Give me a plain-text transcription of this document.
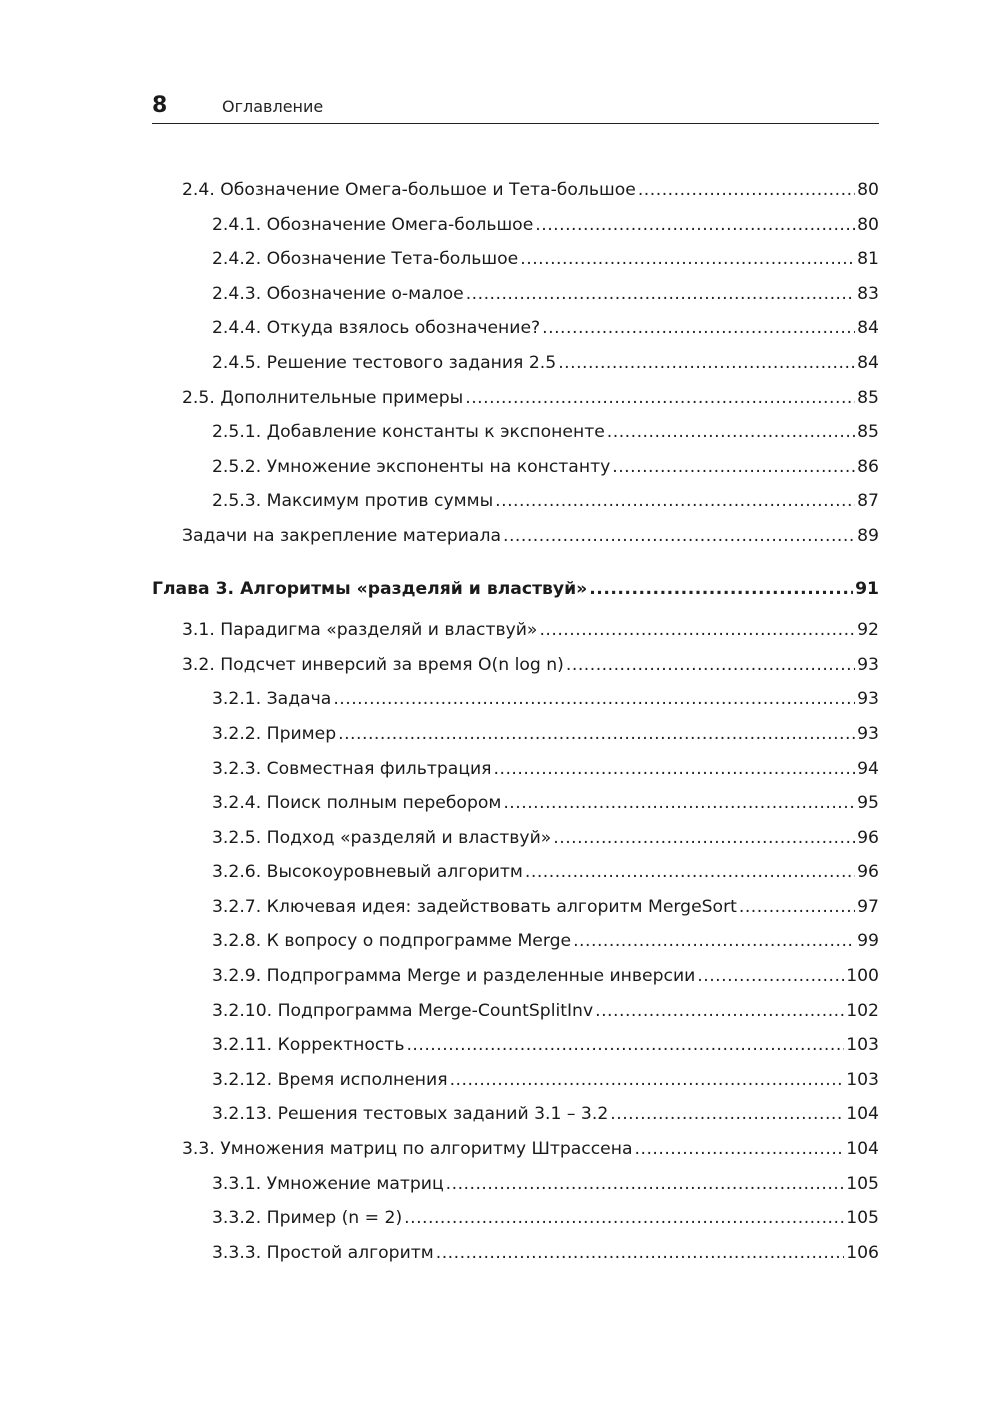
8	Оглавление
2.4. Обозначение Омега-большое и Тета-большое .....	80
2.4.1. Обозначение Омега-большое .....	80
2.4.2. Обозначение Тета-большое .....	81
2.4.3. Обозначение о-малое .....	83
2.4.4. Откуда взялось обозначение? .....	84
2.4.5. Решение тестового задания 2.5 .....	84
2.5. Дополнительные примеры .....	85
2.5.1. Добавление константы к экспоненте .....	85
2.5.2. Умножение экспоненты на константу .....	86
2.5.3. Максимум против суммы .....	87
Задачи на закрепление материала .....	89
Глава 3. Алгоритмы «разделяй и властвуй» .....	91
3.1. Парадигма «разделяй и властвуй» .....	92
3.2. Подсчет инверсий за время O(n log n) .....	93
3.2.1. Задача .....	93
3.2.2. Пример .....	93
3.2.3. Совместная фильтрация .....	94
3.2.4. Поиск полным перебором .....	95
3.2.5. Подход «разделяй и властвуй» .....	96
3.2.6. Высокоуровневый алгоритм .....	96
3.2.7. Ключевая идея: задействовать алгоритм MergeSort .....	97
3.2.8. К вопросу о подпрограмме Merge .....	99
3.2.9. Подпрограмма Merge и разделенные инверсии .....	100
3.2.10. Подпрограмма Merge-CountSplitInv .....	102
3.2.11. Корректность .....	103
3.2.12. Время исполнения .....	103
3.2.13. Решения тестовых заданий 3.1 – 3.2 .....	104
3.3. Умножения матриц по алгоритму Штрассена .....	104
3.3.1. Умножение матриц .....	105
3.3.2. Пример (n = 2) .....	105
3.3.3. Простой алгоритм .....	106
